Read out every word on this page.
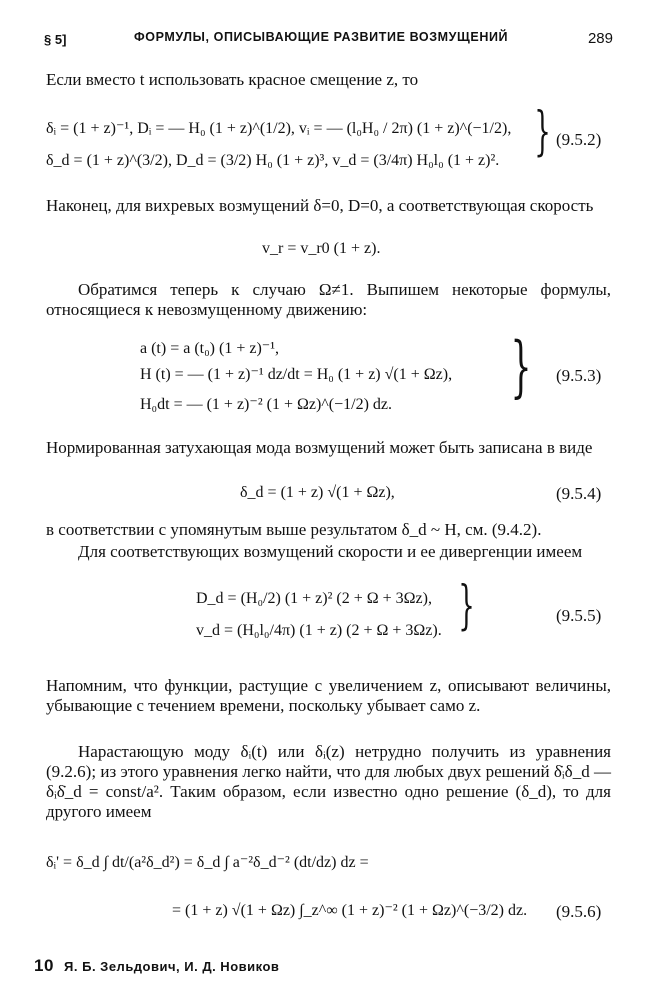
§ 5]	ФОРМУЛЫ, ОПИСЫВАЮЩИЕ РАЗВИТИЕ ВОЗМУЩЕНИЙ	289
Если вместо t использовать красное смещение z, то
δᵢ = (1 + z)⁻¹, Dᵢ = — H₀ (1 + z)^(1/2), vᵢ = — (l₀H₀ / 2π) (1 + z)^(−1/2),
δ_d = (1 + z)^(3/2), D_d = (3/2) H₀ (1 + z)³, v_d = (3/4π) H₀l₀ (1 + z)². } (9.5.2)
Наконец, для вихревых возмущений δ=0, D=0, а соответствующая скорость
v_r = v_r0 (1 + z).
Обратимся теперь к случаю Ω≠1. Выпишем некоторые формулы, относящиеся к невозмущенному движению:
a (t) = a (t₀) (1 + z)⁻¹,
H (t) = — (1 + z)⁻¹ dz/dt = H₀ (1 + z) √(1 + Ωz),
H₀dt = — (1 + z)⁻² (1 + Ωz)^(−1/2) dz. } (9.5.3)
Нормированная затухающая мода возмущений может быть записана в виде
δ_d = (1 + z) √(1 + Ωz),	(9.5.4)
в соответствии с упомянутым выше результатом δ_d ~ H, см. (9.4.2).
Для соответствующих возмущений скорости и ее дивергенции имеем
D_d = (H₀/2) (1 + z)² (2 + Ω + 3Ωz),
v_d = (H₀l₀/4π) (1 + z) (2 + Ω + 3Ωz). }	(9.5.5)
Напомним, что функции, растущие с увеличением z, описывают величины, убывающие с течением времени, поскольку убывает само z.
Нарастающую моду δᵢ(t) или δᵢ(z) нетрудно получить из уравнения (9.2.6); из этого уравнения легко найти, что для любых двух решений δ̇ᵢδ_d — δᵢδ̇_d = const/a². Таким образом, если известно одно решение (δ_d), то для другого имеем
δᵢ' = δ_d ∫ dt/(a²δ_d²) = δ_d ∫ a⁻²δ_d⁻² (dt/dz) dz =
= (1 + z) √(1 + Ωz) ∫_z^∞ (1 + z)⁻² (1 + Ωz)^(−3/2) dz. (9.5.6)
10 Я. Б. Зельдович, И. Д. Новиков
